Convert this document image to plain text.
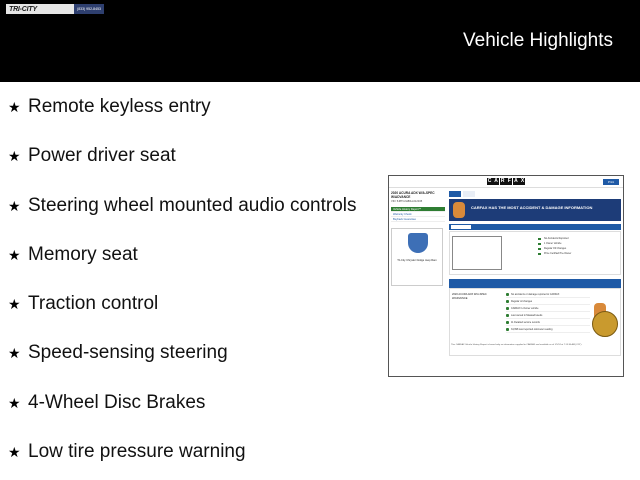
TRI-CITY	(833) 952-8453
Vehicle Highlights
★ Remote keyless entry
★ Power driver seat
★ Steering wheel mounted audio controls
★ Memory seat
★ Traction control
★ Speed-sensing steering
★ 4-Wheel Disc Brakes
★ Low tire pressure warning
C A R F A X	Print
2020 ACURA ADX W/A-SPEC W/ADVANCE
VIN: 5J8TC2H80LL012345
Vehicle History Report™
Warranty Check
Buyback Guarantee
Tri-City Chrysler Dodge Jeep Ram
CARFAX HAS THE MOST ACCIDENT & DAMAGE INFORMATION
No Accidents Reported
1 Owner Vehicle
Regular Oil Changes
Price Certified Pre-Owner
2020 ACURA ADX W/A-SPEC W/ADVANCE
No accidents or damage reported to CARFAX
Regular oil changes
CARFAX 1-Owner vehicle
Last owned in Massachusetts
11 Detailed service records
34,698 Last reported odometer reading
This CARFAX Vehicle History Report is based only on information supplied to CARFAX and available as of 1/1/24 at 7:13:36 AM (CDT).
